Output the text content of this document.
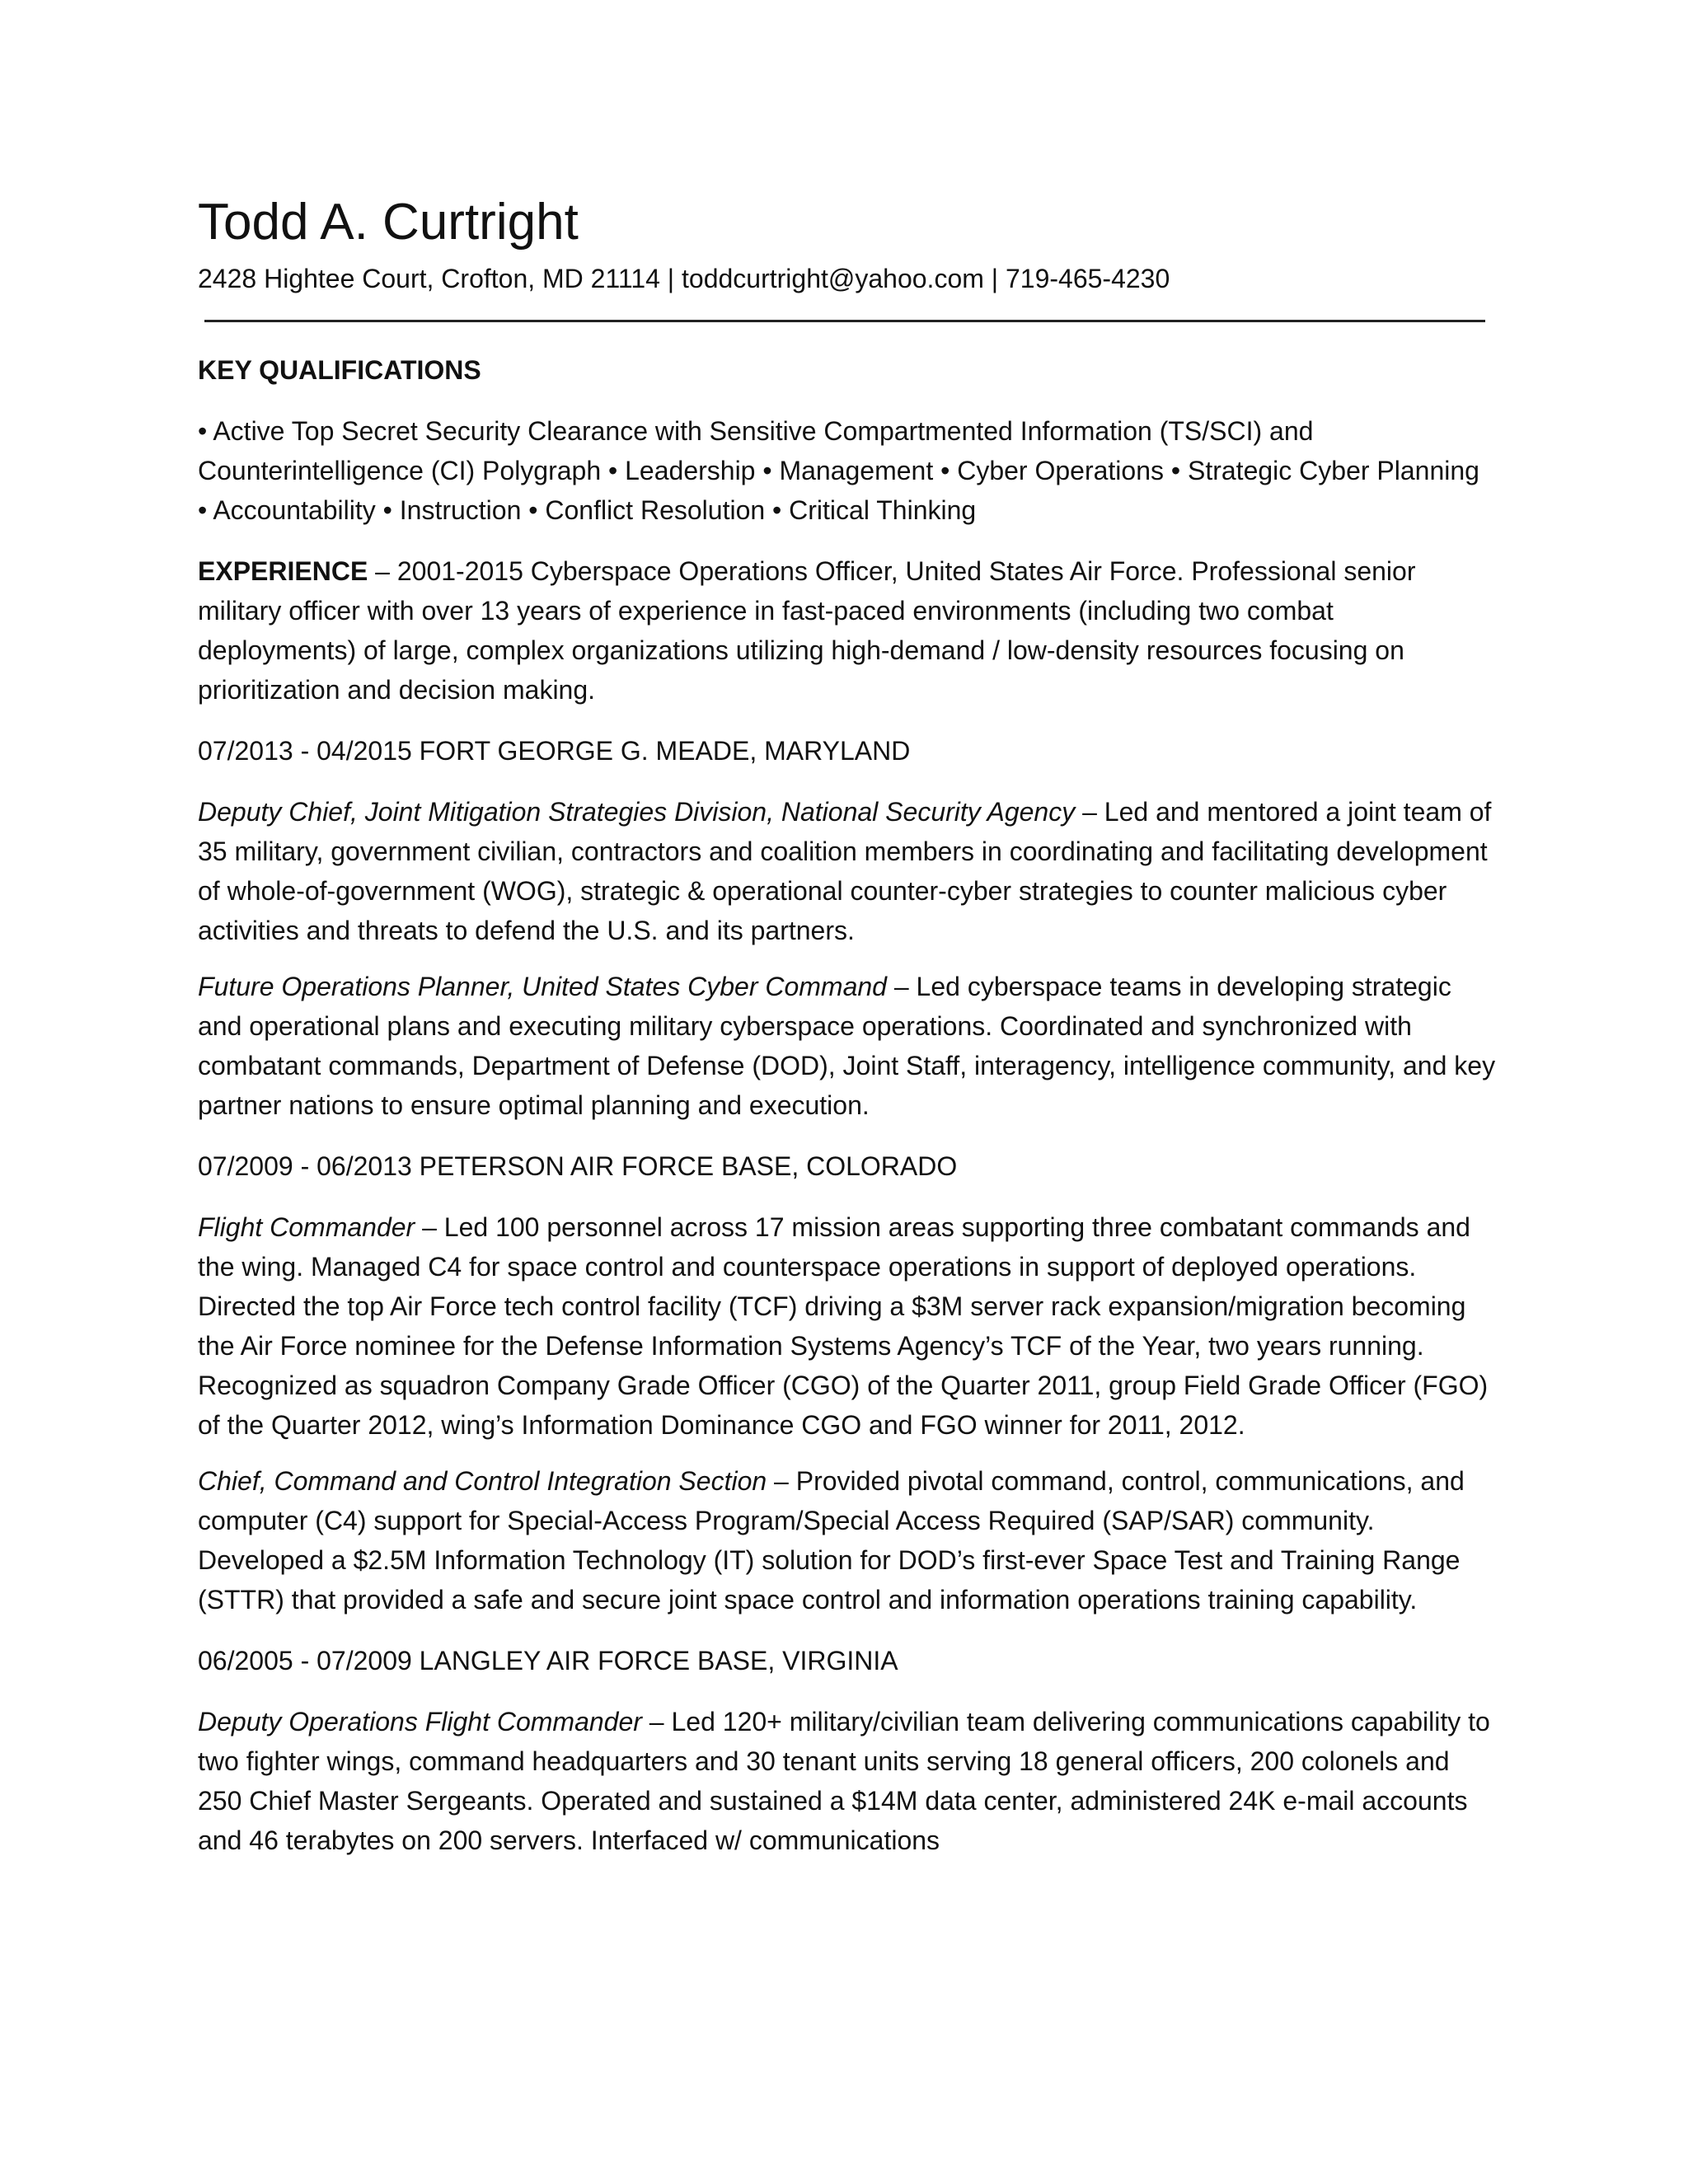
Todd A. Curtright
2428 Hightee Court, Crofton, MD 21114 | toddcurtright@yahoo.com | 719-465-4230
KEY QUALIFICATIONS

• Active Top Secret Security Clearance with Sensitive Compartmented Information (TS/SCI) and Counterintelligence (CI) Polygraph • Leadership • Management • Cyber Operations • Strategic Cyber Planning • Accountability • Instruction • Conflict Resolution • Critical Thinking

EXPERIENCE – 2001-2015 Cyberspace Operations Officer, United States Air Force. Professional senior military officer with over 13 years of experience in fast-paced environments (including two combat deployments) of large, complex organizations utilizing high-demand / low-density resources focusing on prioritization and decision making.

07/2013 - 04/2015 FORT GEORGE G. MEADE, MARYLAND

Deputy Chief, Joint Mitigation Strategies Division, National Security Agency – Led and mentored a joint team of 35 military, government civilian, contractors and coalition members in coordinating and facilitating development of whole-of-government (WOG), strategic & operational counter-cyber strategies to counter malicious cyber activities and threats to defend the U.S. and its partners.

Future Operations Planner, United States Cyber Command – Led cyberspace teams in developing strategic and operational plans and executing military cyberspace operations. Coordinated and synchronized with combatant commands, Department of Defense (DOD), Joint Staff, interagency, intelligence community, and key partner nations to ensure optimal planning and execution.

07/2009 - 06/2013 PETERSON AIR FORCE BASE, COLORADO

Flight Commander – Led 100 personnel across 17 mission areas supporting three combatant commands and the wing. Managed C4 for space control and counterspace operations in support of deployed operations. Directed the top Air Force tech control facility (TCF) driving a $3M server rack expansion/migration becoming the Air Force nominee for the Defense Information Systems Agency’s TCF of the Year, two years running. Recognized as squadron Company Grade Officer (CGO) of the Quarter 2011, group Field Grade Officer (FGO) of the Quarter 2012, wing’s Information Dominance CGO and FGO winner for 2011, 2012.

Chief, Command and Control Integration Section – Provided pivotal command, control, communications, and computer (C4) support for Special-Access Program/Special Access Required (SAP/SAR) community. Developed a $2.5M Information Technology (IT) solution for DOD’s first-ever Space Test and Training Range (STTR) that provided a safe and secure joint space control and information operations training capability.

06/2005 - 07/2009 LANGLEY AIR FORCE BASE, VIRGINIA

Deputy Operations Flight Commander – Led 120+ military/civilian team delivering communications capability to two fighter wings, command headquarters and 30 tenant units serving 18 general officers, 200 colonels and 250 Chief Master Sergeants. Operated and sustained a $14M data center, administered 24K e-mail accounts and 46 terabytes on 200 servers. Interfaced w/ communications
